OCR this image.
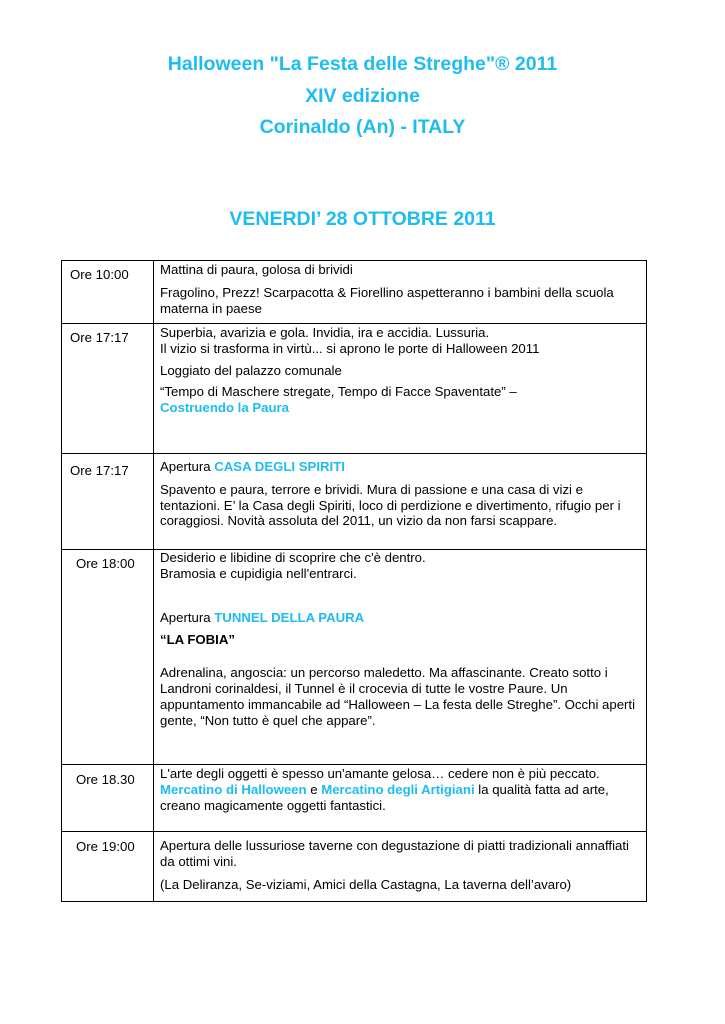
Halloween "La Festa delle Streghe"® 2011
XIV edizione
Corinaldo (An) - ITALY
VENERDI’ 28 OTTOBRE 2011
Ore 10:00	Mattina di paura, golosa di brividi

Fragolino, Prezz! Scarpacotta & Fiorellino aspetteranno i bambini della scuola materna in paese

Ore 17:17	Superbia, avarizia e gola. Invidia, ira e accidia. Lussuria.

Il vizio si trasforma in virtù... si aprono le porte di Halloween 2011

Loggiato del palazzo comunale

“Tempo di Maschere stregate, Tempo di Facce Spaventate” –

Costruendo la Paura

Ore 17:17	Apertura CASA DEGLI SPIRITI

Spavento e paura, terrore e brividi. Mura di passione e una casa di vizi e tentazioni. E’ la Casa degli Spiriti, loco di perdizione e divertimento, rifugio per i coraggiosi. Novità assoluta del 2011, un vizio da non farsi scappare.

Ore 18:00	Desiderio e libidine di scoprire che c'è dentro.

Bramosia e cupidigia nell'entrarci.

Apertura TUNNEL DELLA PAURA

“LA FOBIA”

Adrenalina, angoscia: un percorso maledetto. Ma affascinante. Creato sotto i Landroni corinaldesi, il Tunnel è il crocevia di tutte le vostre Paure. Un appuntamento immancabile ad “Halloween – La festa delle Streghe”. Occhi aperti gente, “Non tutto è quel che appare”.

Ore 18.30	L'arte degli oggetti è spesso un'amante gelosa… cedere non è più peccato.

Mercatino di Halloween e Mercatino degli Artigiani la qualità fatta ad arte, creano magicamente oggetti fantastici.

Ore 19:00	Apertura delle lussuriose taverne con degustazione di piatti tradizionali annaffiati da ottimi vini.

(La Deliranza, Se-viziami, Amici della Castagna, La taverna dell’avaro)
